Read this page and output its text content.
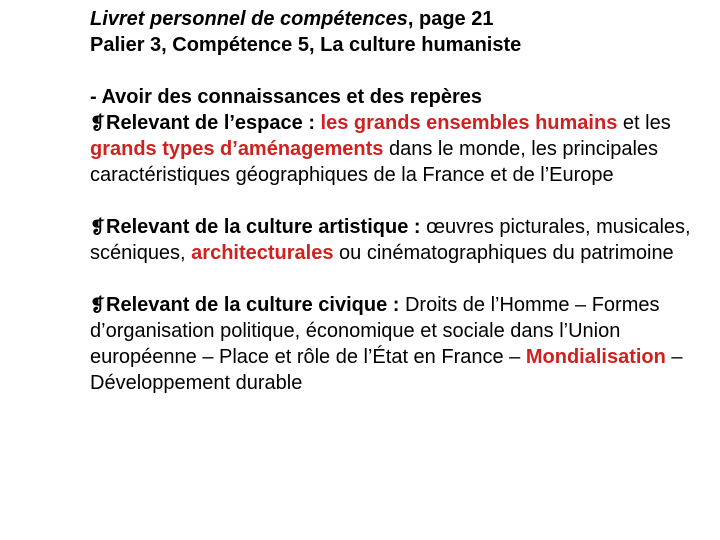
Livret personnel de compétences, page 21

Palier 3, Compétence 5, La culture humaniste

- Avoir des connaissances et des repères

❡Relevant de l’espace : les grands ensembles humains et les grands types d’aménagements dans le monde, les principales caractéristiques géographiques de la France et de l’Europe

❡Relevant de la culture artistique : œuvres picturales, musicales, scéniques, architecturales ou cinématographiques du patrimoine

❡Relevant de la culture civique : Droits de l’Homme – Formes d’organisation politique, économique et sociale dans l’Union européenne – Place et rôle de l’État en France – Mondialisation – Développement durable
